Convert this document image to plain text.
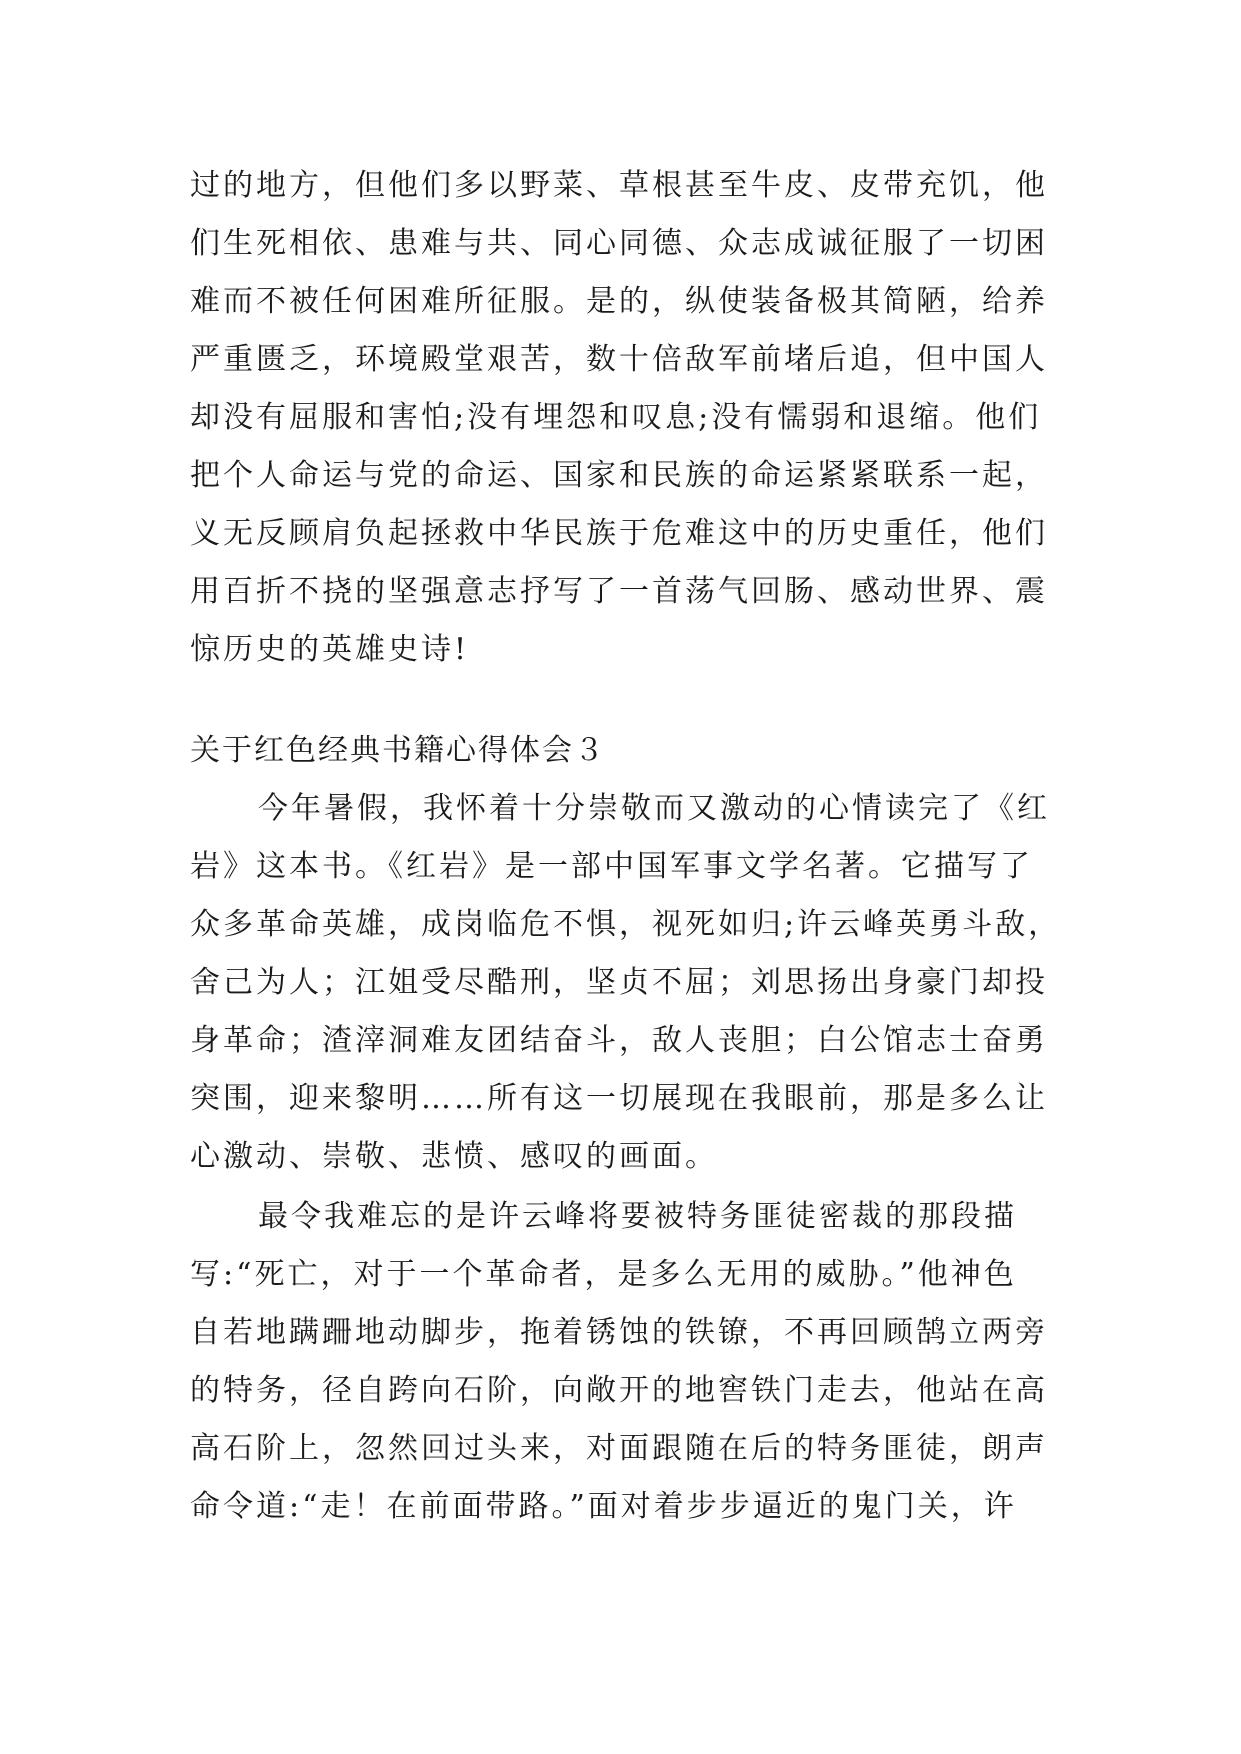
过的地方，但他们多以野菜、草根甚至牛皮、皮带充饥，他
们生死相依、患难与共、同心同德、众志成诚征服了一切困
难而不被任何困难所征服。是的，纵使装备极其简陋，给养
严重匮乏，环境殿堂艰苦，数十倍敌军前堵后追，但中国人
却没有屈服和害怕;没有埋怨和叹息;没有懦弱和退缩。他们
把个人命运与党的命运、国家和民族的命运紧紧联系一起，
义无反顾肩负起拯救中华民族于危难这中的历史重任，他们
用百折不挠的坚强意志抒写了一首荡气回肠、感动世界、震
惊历史的英雄史诗!
关于红色经典书籍心得体会３
今年暑假，我怀着十分崇敬而又激动的心情读完了《红
岩》这本书。《红岩》是一部中国军事文学名著。它描写了
众多革命英雄，成岗临危不惧，视死如归;许云峰英勇斗敌，
舍己为人；江姐受尽酷刑，坚贞不屈；刘思扬出身豪门却投
身革命；渣滓洞难友团结奋斗，敌人丧胆；白公馆志士奋勇
突围，迎来黎明……所有这一切展现在我眼前，那是多么让
心激动、崇敬、悲愤、感叹的画面。
最令我难忘的是许云峰将要被特务匪徒密裁的那段描
写:“死亡，对于一个革命者，是多么无用的威胁。”他神色
自若地蹒跚地动脚步，拖着锈蚀的铁镣，不再回顾鹄立两旁
的特务，径自跨向石阶，向敞开的地窖铁门走去，他站在高
高石阶上，忽然回过头来，对面跟随在后的特务匪徒，朗声
命令道:“走！在前面带路。”面对着步步逼近的鬼门关，许
